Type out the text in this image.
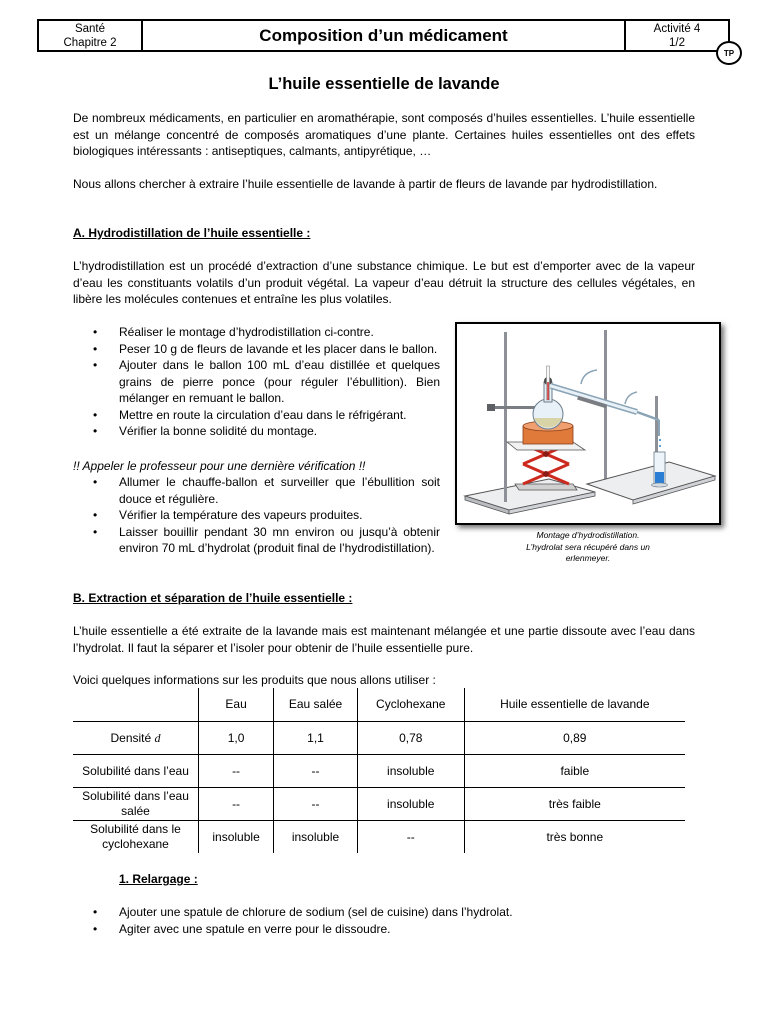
Santé
Chapitre 2	Composition d’un médicament	Activité 4
1/2
TP
L’huile essentielle de lavande
De nombreux médicaments, en particulier en aromathérapie, sont composés d’huiles essentielles. L’huile essentielle est un mélange concentré de composés aromatiques d’une plante. Certaines huiles essentielles ont des effets biologiques intéressants : antiseptiques, calmants, antipyrétique, …
Nous allons chercher à extraire l’huile essentielle de lavande à partir de fleurs de lavande par hydrodistillation.
A. Hydrodistillation de l’huile essentielle :
L’hydrodistillation est un procédé d’extraction d’une substance chimique. Le but est d’emporter avec de la vapeur d’eau les constituants volatils d’un produit végétal. La vapeur d’eau détruit la structure des cellules végétales, en libère les molécules contenues et entraîne les plus volatiles.
• Réaliser le montage d’hydrodistillation ci-contre.
• Peser 10 g de fleurs de lavande et les placer dans le ballon.
• Ajouter dans le ballon 100 mL d’eau distillée et quelques grains de pierre ponce (pour réguler l’ébullition). Bien mélanger en remuant le ballon.
• Mettre en route la circulation d’eau dans le réfrigérant.
• Vérifier la bonne solidité du montage.
!! Appeler le professeur pour une dernière vérification !!
• Allumer le chauffe-ballon et surveiller que l’ébullition soit douce et régulière.
• Vérifier la température des vapeurs produites.
• Laisser bouillir pendant 30 mn environ ou jusqu’à obtenir environ 70 mL d’hydrolat (produit final de l’hydrodistillation).
Montage d’hydrodistillation.
L’hydrolat sera récupéré dans un
erlenmeyer.
B. Extraction et séparation de l’huile essentielle :
L’huile essentielle a été extraite de la lavande mais est maintenant mélangée et une partie dissoute avec l’eau dans l’hydrolat. Il faut la séparer et l’isoler pour obtenir de l’huile essentielle pure.
Voici quelques informations sur les produits que nous allons utiliser :
	Eau	Eau salée	Cyclohexane	Huile essentielle de lavande
Densité d	1,0	1,1	0,78	0,89
Solubilité dans l’eau	--	--	insoluble	faible
Solubilité dans l’eau salée	--	--	insoluble	très faible
Solubilité dans le cyclohexane	insoluble	insoluble	--	très bonne
1. Relargage :
• Ajouter une spatule de chlorure de sodium (sel de cuisine) dans l’hydrolat.
• Agiter avec une spatule en verre pour le dissoudre.
